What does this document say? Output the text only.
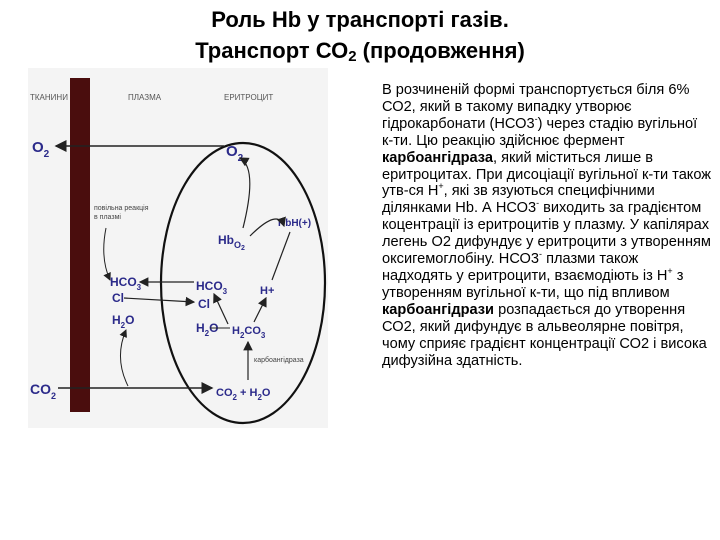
Роль Hb у транспорті газів.
Транспорт $СО_2$ (продовження)
ТКАНИНИ	ПЛАЗМА	ЕРИТРОЦИТ
$O_2$	$O_2$
$Hb_O2$
HbH(+)
повільна реакція в плазмі
$HCO_3$
Cl
$H_2O$
$HCO_3$
Cl
H+
$H_2O$ $H_2CO_3$
карбоангідраза
$CO_2$	$CO_2 + H_2O$
В розчиненій формі транспортується біля 6% СО2, який в такому випадку утворює гідрокарбонати (НСО3-) через стадію вугільної к-ти. Цю реакцію здійснює фермент карбоангідраза, який міститься лише в еритроцитах. При дисоціації вугільної к-ти також утв-ся Н+, які зв язуються специфічними ділянками Hb. А НСО3- виходить за градієнтом коцентрації із еритроцитів у плазму. У капілярах легень О2 дифундує у еритроцити з утворенням оксигемоглобіну. НСО3- плазми також надходять у еритроцити, взаємодіють із Н+ з утворенням вугільної к-ти, що під впливом карбоангідрази розпадається до утворення СО2, який дифундує в альвеолярне повітря, чому сприяє градієнт концентрації СО2 і висока дифузійна здатність.
